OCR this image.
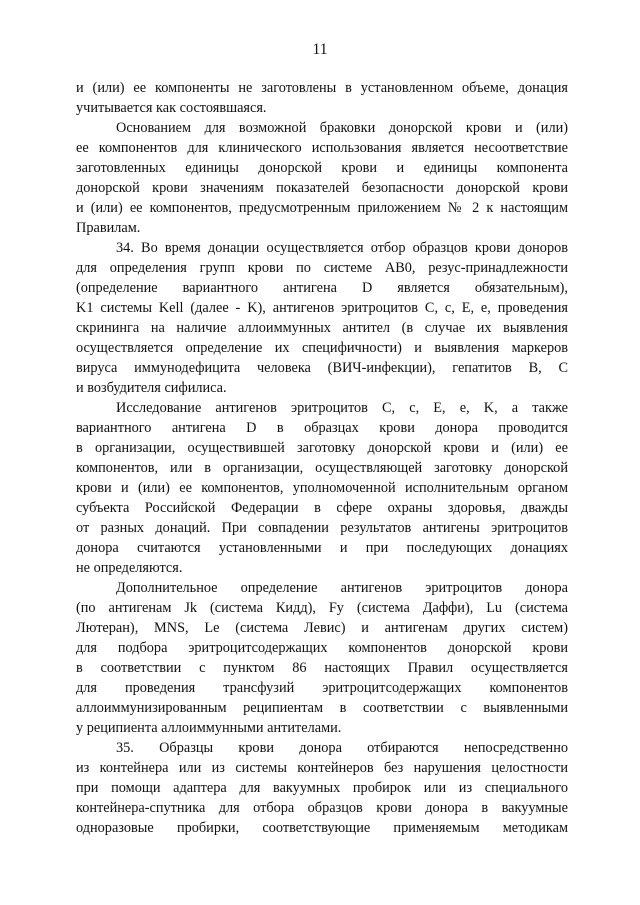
11
и (или) ее компоненты не заготовлены в установленном объеме, донация
учитывается как состоявшаяся.
Основанием для возможной браковки донорской крови и (или)
ее компонентов для клинического использования является несоответствие
заготовленных единицы донорской крови и единицы компонента
донорской крови значениям показателей безопасности донорской крови
и (или) ее компонентов, предусмотренным приложением № 2 к настоящим
Правилам.
34. Во время донации осуществляется отбор образцов крови доноров
для определения групп крови по системе АВ0, резус-принадлежности
(определение вариантного антигена D является обязательным),
K1 системы Kell (далее - K), антигенов эритроцитов C, c, E, e, проведения
скрининга на наличие аллоиммунных антител (в случае их выявления
осуществляется определение их специфичности) и выявления маркеров
вируса иммунодефицита человека (ВИЧ-инфекции), гепатитов B, C
и возбудителя сифилиса.
Исследование антигенов эритроцитов C, c, E, e, K, а также
вариантного антигена D в образцах крови донора проводится
в организации, осуществившей заготовку донорской крови и (или) ее
компонентов, или в организации, осуществляющей заготовку донорской
крови и (или) ее компонентов, уполномоченной исполнительным органом
субъекта Российской Федерации в сфере охраны здоровья, дважды
от разных донаций. При совпадении результатов антигены эритроцитов
донора считаются установленными и при последующих донациях
не определяются.
Дополнительное определение антигенов эритроцитов донора
(по антигенам Jk (система Кидд), Fy (система Даффи), Lu (система
Лютеран), MNS, Le (система Левис) и антигенам других систем)
для подбора эритроцитсодержащих компонентов донорской крови
в соответствии с пунктом 86 настоящих Правил осуществляется
для проведения трансфузий эритроцитсодержащих компонентов
аллоиммунизированным реципиентам в соответствии с выявленными
у реципиента аллоиммунными антителами.
35. Образцы крови донора отбираются непосредственно
из контейнера или из системы контейнеров без нарушения целостности
при помощи адаптера для вакуумных пробирок или из специального
контейнера-спутника для отбора образцов крови донора в вакуумные
одноразовые пробирки, соответствующие применяемым методикам
